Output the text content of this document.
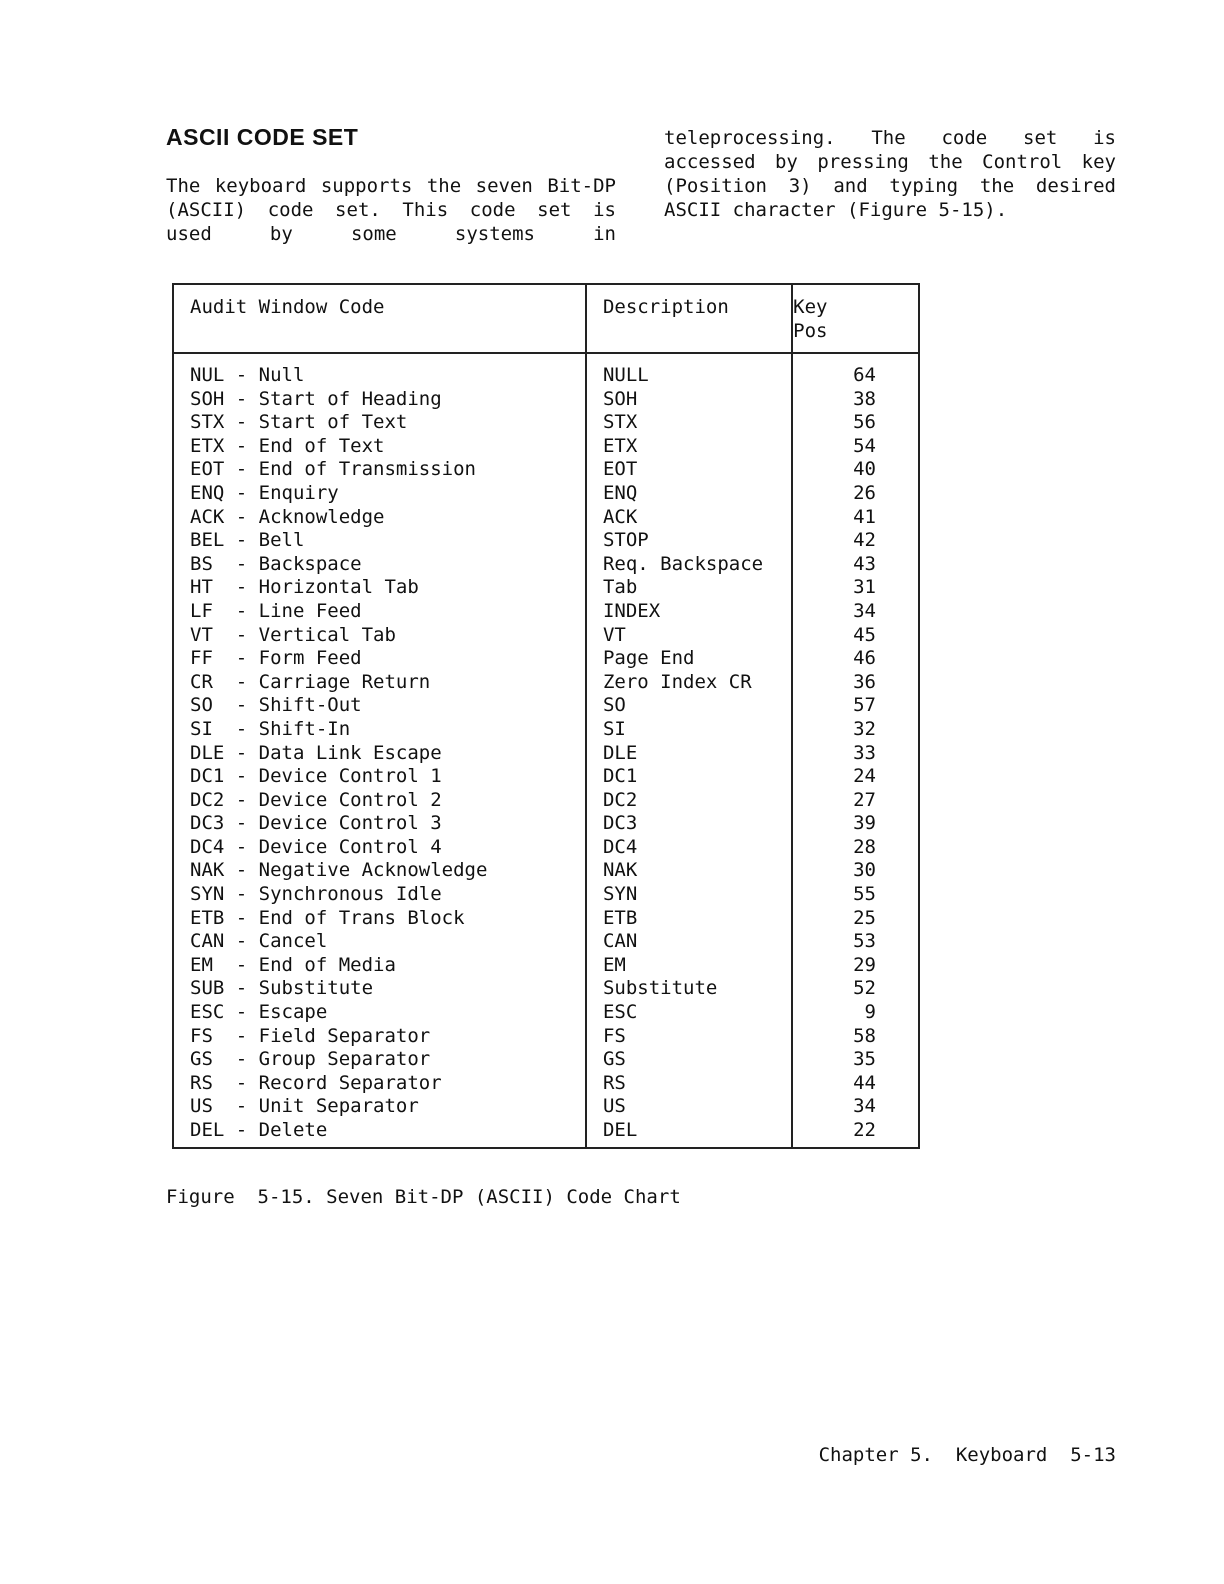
ASCII CODE SET

The keyboard supports the seven Bit-DP
(ASCII) code set. This code set is
used by some systems in

teleprocessing. The code set is
accessed by pressing the Control key
(Position 3) and typing the desired
ASCII character (Figure 5-15).

Audit Window Code	Description	Key
Pos

NUL - Null	NULL	64
SOH - Start of Heading	SOH	38
STX - Start of Text	STX	56
ETX - End of Text	ETX	54
EOT - End of Transmission	EOT	40
ENQ - Enquiry	ENQ	26
ACK - Acknowledge	ACK	41
BEL - Bell	STOP	42
BS  - Backspace	Req. Backspace	43
HT  - Horizontal Tab	Tab	31
LF  - Line Feed	INDEX	34
VT  - Vertical Tab	VT	45
FF  - Form Feed	Page End	46
CR  - Carriage Return	Zero Index CR	36
SO  - Shift-Out	SO	57
SI  - Shift-In	SI	32
DLE - Data Link Escape	DLE	33
DC1 - Device Control 1	DC1	24
DC2 - Device Control 2	DC2	27
DC3 - Device Control 3	DC3	39
DC4 - Device Control 4	DC4	28
NAK - Negative Acknowledge	NAK	30
SYN - Synchronous Idle	SYN	55
ETB - End of Trans Block	ETB	25
CAN - Cancel	CAN	53
EM  - End of Media	EM	29
SUB - Substitute	Substitute	52
ESC - Escape	ESC	9
FS  - Field Separator	FS	58
GS  - Group Separator	GS	35
RS  - Record Separator	RS	44
US  - Unit Separator	US	34
DEL - Delete	DEL	22

Figure  5-15. Seven Bit-DP (ASCII) Code Chart

Chapter 5.  Keyboard  5-13
